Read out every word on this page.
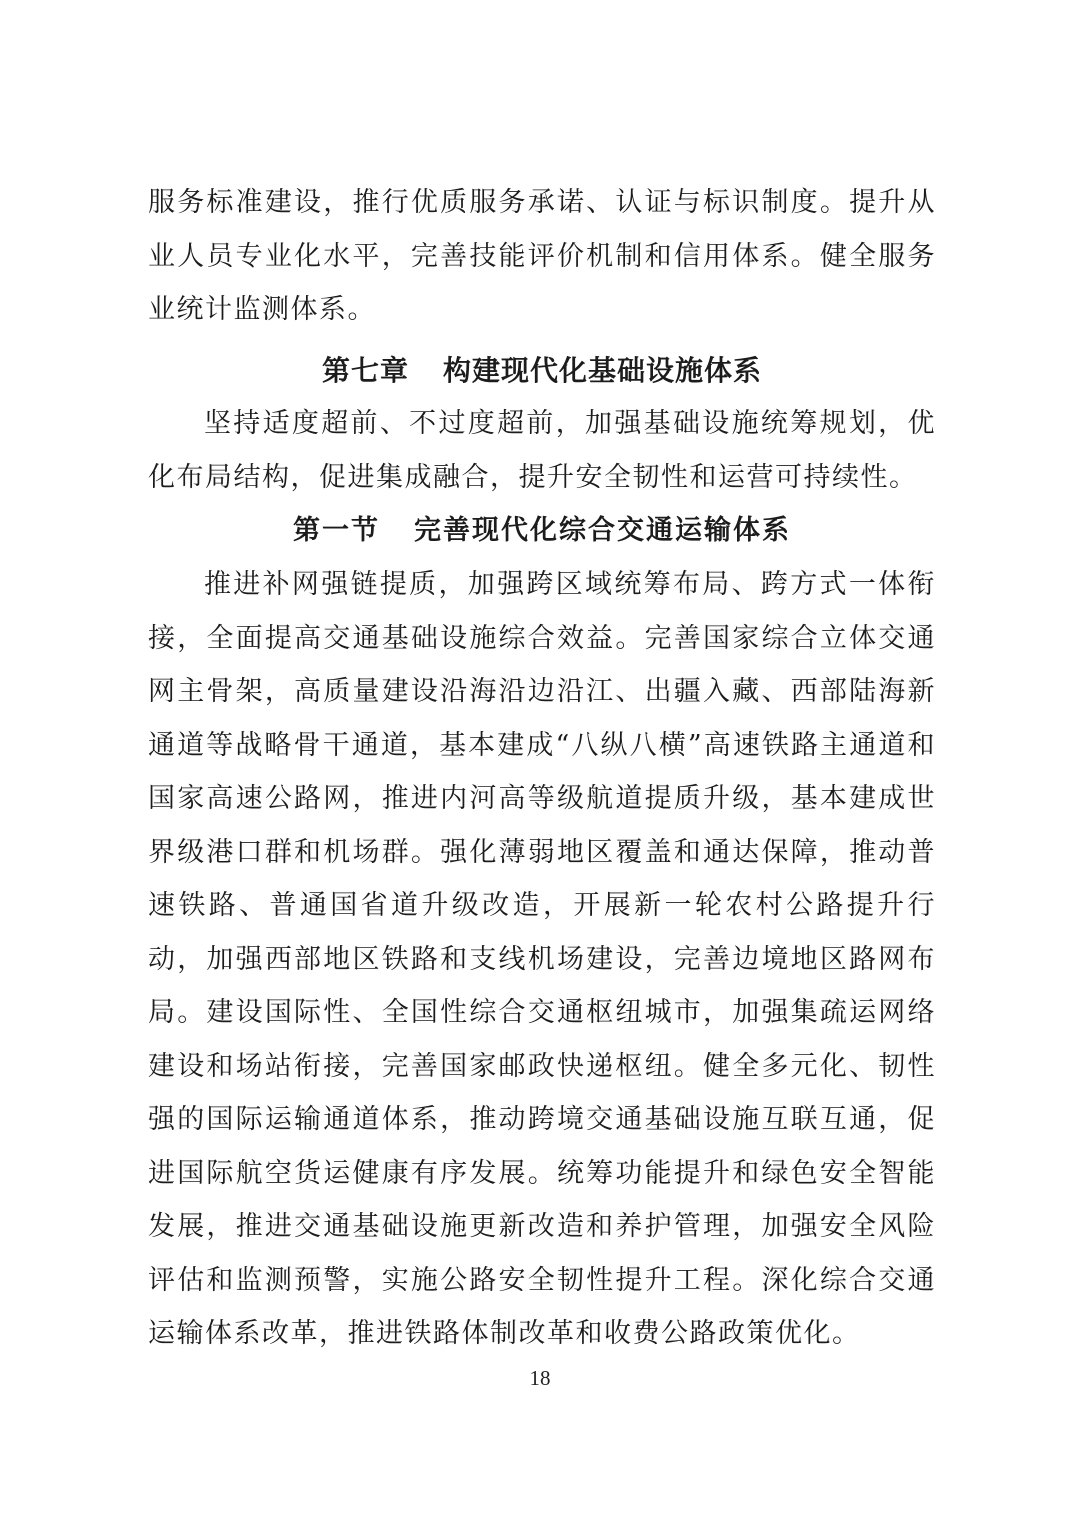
服务标准建设，推行优质服务承诺、认证与标识制度。提升从业人员专业化水平，完善技能评价机制和信用体系。健全服务业统计监测体系。

第七章 构建现代化基础设施体系

坚持适度超前、不过度超前，加强基础设施统筹规划，优化布局结构，促进集成融合，提升安全韧性和运营可持续性。

第一节 完善现代化综合交通运输体系

推进补网强链提质，加强跨区域统筹布局、跨方式一体衔接，全面提高交通基础设施综合效益。完善国家综合立体交通网主骨架，高质量建设沿海沿边沿江、出疆入藏、西部陆海新通道等战略骨干通道，基本建成“八纵八横”高速铁路主通道和国家高速公路网，推进内河高等级航道提质升级，基本建成世界级港口群和机场群。强化薄弱地区覆盖和通达保障，推动普速铁路、普通国省道升级改造，开展新一轮农村公路提升行动，加强西部地区铁路和支线机场建设，完善边境地区路网布局。建设国际性、全国性综合交通枢纽城市，加强集疏运网络建设和场站衔接，完善国家邮政快递枢纽。健全多元化、韧性强的国际运输通道体系，推动跨境交通基础设施互联互通，促进国际航空货运健康有序发展。统筹功能提升和绿色安全智能发展，推进交通基础设施更新改造和养护管理，加强安全风险评估和监测预警，实施公路安全韧性提升工程。深化综合交通运输体系改革，推进铁路体制改革和收费公路政策优化。

18
